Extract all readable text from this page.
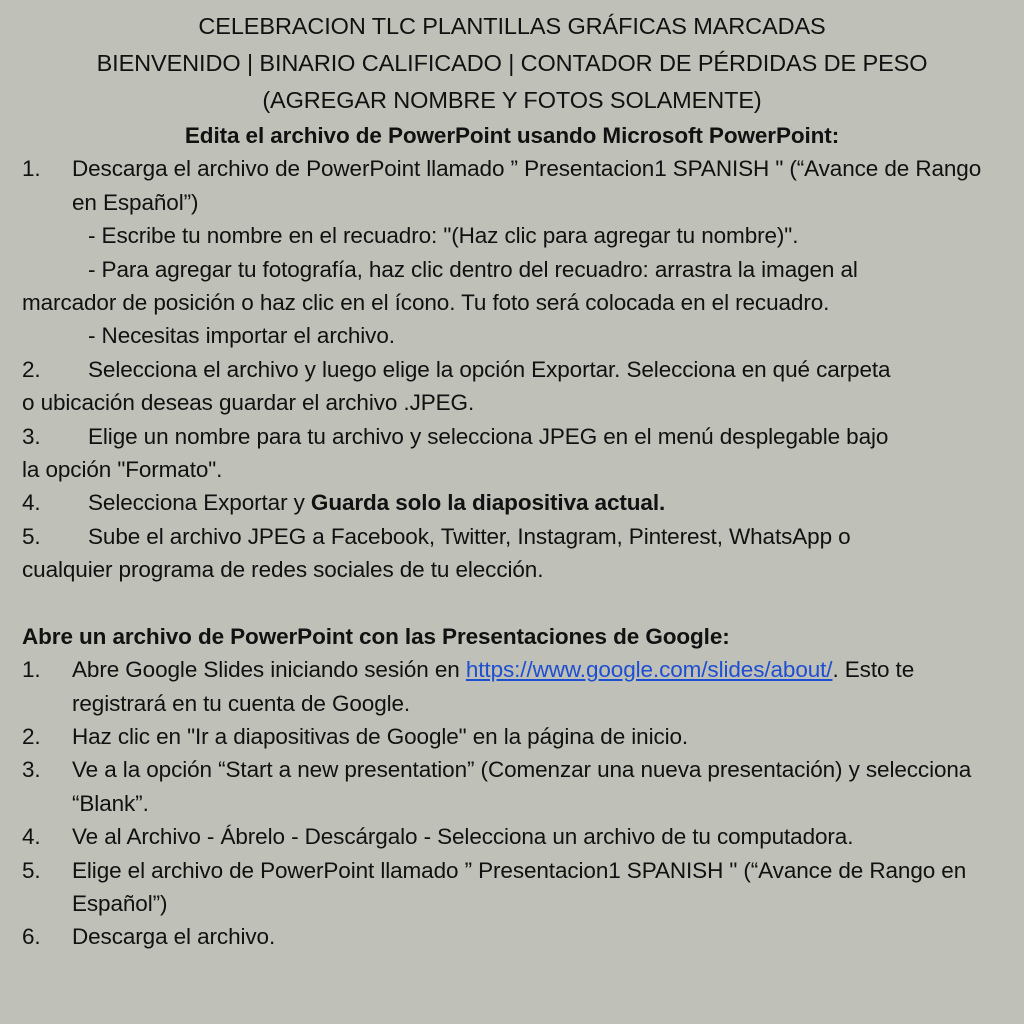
CELEBRACION TLC PLANTILLAS GRÁFICAS MARCADAS
BIENVENIDO | BINARIO CALIFICADO | CONTADOR DE PÉRDIDAS DE PESO
(AGREGAR NOMBRE Y FOTOS SOLAMENTE)
Edita el archivo de PowerPoint usando Microsoft PowerPoint:
1.	Descarga el archivo de PowerPoint llamado ” Presentacion1 SPANISH " (“Avance de Rango en Español”)
- Escribe tu nombre en el recuadro: "(Haz clic para agregar tu nombre)".
- Para agregar tu fotografía, haz clic dentro del recuadro: arrastra la imagen al
marcador de posición o haz clic en el ícono. Tu foto será colocada en el recuadro.
- Necesitas importar el archivo.
2.	Selecciona el archivo y luego elige la opción Exportar. Selecciona en qué carpeta
o ubicación deseas guardar el archivo .JPEG.
3.	Elige un nombre para tu archivo y selecciona JPEG en el menú desplegable bajo
la opción "Formato".
4.	Selecciona Exportar y Guarda solo la diapositiva actual.
5.	Sube el archivo JPEG a Facebook, Twitter, Instagram, Pinterest, WhatsApp o
cualquier programa de redes sociales de tu elección.
Abre un archivo de PowerPoint con las Presentaciones de Google:
1.	Abre Google Slides iniciando sesión en https://www.google.com/slides/about/. Esto te registrará en tu cuenta de Google.
2.	Haz clic en "Ir a diapositivas de Google" en la página de inicio.
3.	Ve a la opción “Start a new presentation” (Comenzar una nueva presentación) y selecciona “Blank”.
4.	Ve al Archivo - Ábrelo - Descárgalo - Selecciona un archivo de tu computadora.
5.	Elige el archivo de PowerPoint llamado ” Presentacion1 SPANISH " (“Avance de Rango en Español”)
6.	Descarga el archivo.
